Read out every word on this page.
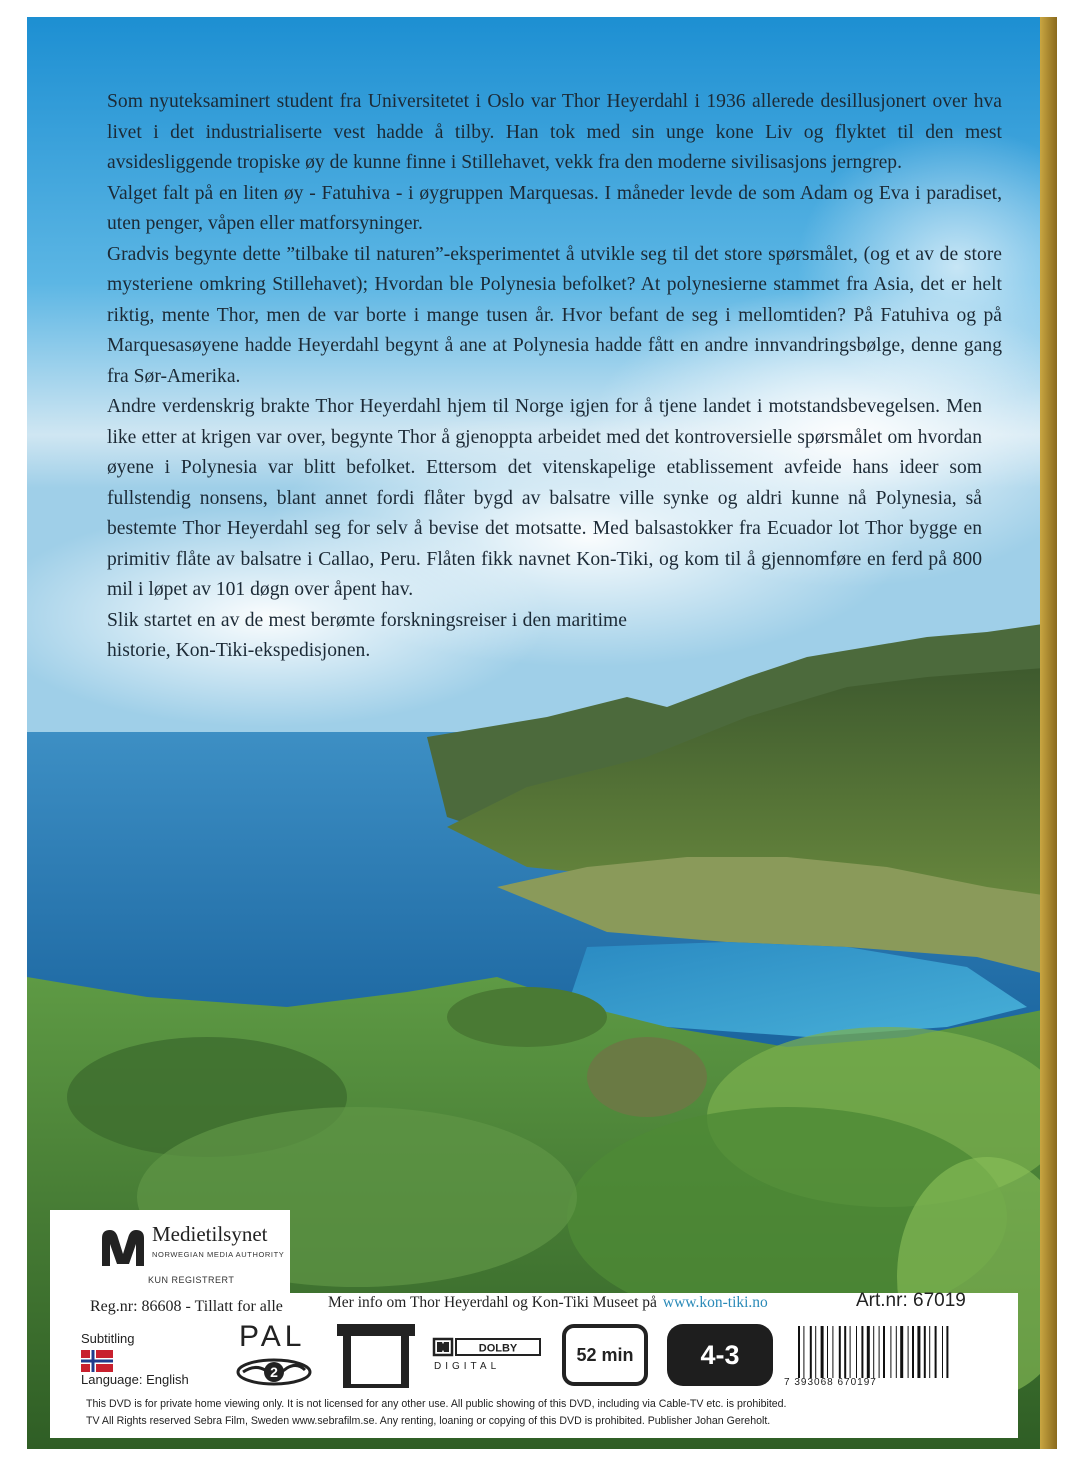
Som nyuteksaminert student fra Universitetet i Oslo var Thor Heyerdahl i 1936 allerede desillusjonert over hva livet i det industrialiserte vest hadde å tilby. Han tok med sin unge kone Liv og flyktet til den mest avsidesliggende tropiske øy de kunne finne i Stillehavet, vekk fra den moderne sivilisasjons jerngrep.

Valget falt på en liten øy - Fatuhiva - i øygruppen Marquesas. I måneder levde de som Adam og Eva i paradiset, uten penger, våpen eller matforsyninger.

Gradvis begynte dette ”tilbake til naturen”-eksperimentet å utvikle seg til det store spørsmålet, (og et av de store mysteriene omkring Stillehavet); Hvordan ble Polynesia befolket? At polynesierne stammet fra Asia, det er helt riktig, mente Thor, men de var borte i mange tusen år. Hvor befant de seg i mellomtiden? På Fatuhiva og på Marquesasøyene hadde Heyerdahl begynt å ane at Polynesia hadde fått en andre innvandringsbølge, denne gang fra Sør-Amerika.

Andre verdenskrig brakte Thor Heyerdahl hjem til Norge igjen for å tjene landet i motstandsbevegelsen. Men like etter at krigen var over, begynte Thor å gjenoppta arbeidet med det kontroversielle spørsmålet om hvordan øyene i Polynesia var blitt befolket. Ettersom det vitenskapelige etablissement avfeide hans ideer som fullstendig nonsens, blant annet fordi flåter bygd av balsatre ville synke og aldri kunne nå Polynesia, så bestemte Thor Heyerdahl seg for selv å bevise det motsatte. Med balsastokker fra Ecuador lot Thor bygge en primitiv flåte av balsatre i Callao, Peru. Flåten fikk navnet Kon-Tiki, og kom til å gjennomføre en ferd på 800 mil i løpet av 101 døgn over åpent hav.

Slik startet en av de mest berømte forskningsreiser i den maritime historie, Kon-Tiki-ekspedisjonen.

Medietilsynet
NORWEGIAN MEDIA AUTHORITY
KUN REGISTRERT
Reg.nr: 86608 - Tillatt for alle	Mer info om Thor Heyerdahl og Kon-Tiki Museet på www.kon-tiki.no	Art.nr: 67019
Subtitling
Language: English
PAL
2
DOLBY
DIGITAL
52 min	4-3
7 393068 670197
This DVD is for private home viewing only. It is not licensed for any other use. All public showing of this DVD, including via Cable-TV etc. is prohibited.
TV All Rights reserved Sebra Film, Sweden www.sebrafilm.se. Any renting, loaning or copying of this DVD is prohibited. Publisher Johan Gereholt.
